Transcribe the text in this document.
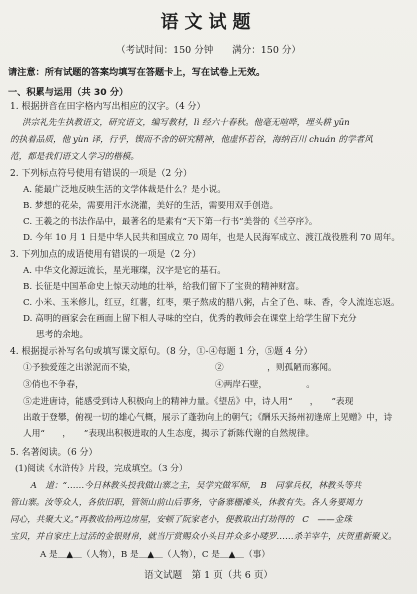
语文试题
（考试时间：150 分钟　　满分：150 分）
请注意：所有试题的答案均填写在答题卡上，写在试卷上无效。
一、积累与运用（共 30 分）
1. 根据拼音在田字格内写出相应的汉字。（4 分）
洪宗礼先生执教语文，研究语文，编写教材，lì 经六十春秋。他毫无喧哗，埋头耕 yūn
的执着品质，他 yùn 译，行乎，锲而不舍的研究精神，他虚怀若谷，海纳百川 chuán 的学者风
范，都是我们语文人学习的楷模。
2. 下列标点符号使用有错误的一项是（2 分）
A. 能最广泛地反映生活的文学体裁是什么？是小说。
B. 梦想的花朵，需要用汗水浇灌，美好的生活，需要用双手创造。
C. 王羲之的书法作品中，最著名的是素有“天下第一行书”美誉的《兰亭序》。
D. 今年 10 月 1 日是中华人民共和国成立 70 周年，也是人民海军成立、渡江战役胜利 70 周年。
3. 下列加点的成语使用有错误的一项是（2 分）
A. 中华文化源远流长，星光璀璨，汉字是它的基石。
B. 长征是中国革命史上惊天动地的壮举，给我们留下了宝贵的精神财富。
C. 小米、玉米修儿，红豆，红薯，红枣，栗子熬成的腊八粥，占全了色、味、香，令人流连忘返。
D. 高明的画家会在画面上留下相人寻味的空白，优秀的教师会在课堂上给学生留下充分
思考的余地。
4. 根据提示补写名句或填写课文原句。（8 分，①-④每题 1 分，⑤题 4 分）
①予独爱莲之出淤泥而不染，	②　　　　　，则孤陋而寡闻。
③俏也不争春，	④两岸石壁，　　　　　。
⑤走进唐诗，能感受到诗人积极向上的精神力量。《望岳》中，诗人用“　　，　　”表现
出敢于登攀，俯视一切的雄心气概，展示了蓬勃向上的朝气；《酬乐天扬州初逢席上见赠》中，诗
人用“　　，　　”表现出积极进取的人生态度，揭示了新陈代谢的自然规律。
5. 名著阅读。（6 分）
(1)阅读《水浒传》片段，完成填空。（3 分）
　A　道：“……今日林教头投我做山寨之主，吴学究做军师，　B　同掌兵权，林教头等共
管山寨。汝等众人，各依旧职，管领山前山后事务，守备寨栅滩头，休教有失。各人务要竭力
同心，共聚大义。”再教收拾两边房屋，安顿了阮家老小，便教取出打劫得的　C　——金珠
宝贝，并自家庄上过活的金银财帛，就当厅赏赐众小头目并众多小喽罗……杀羊宰牛，庆贺重新聚义。
A 是＿▲＿（人物），B 是＿▲＿（人物），C 是＿▲＿（事）
语文试题　第 1 页（共 6 页）
